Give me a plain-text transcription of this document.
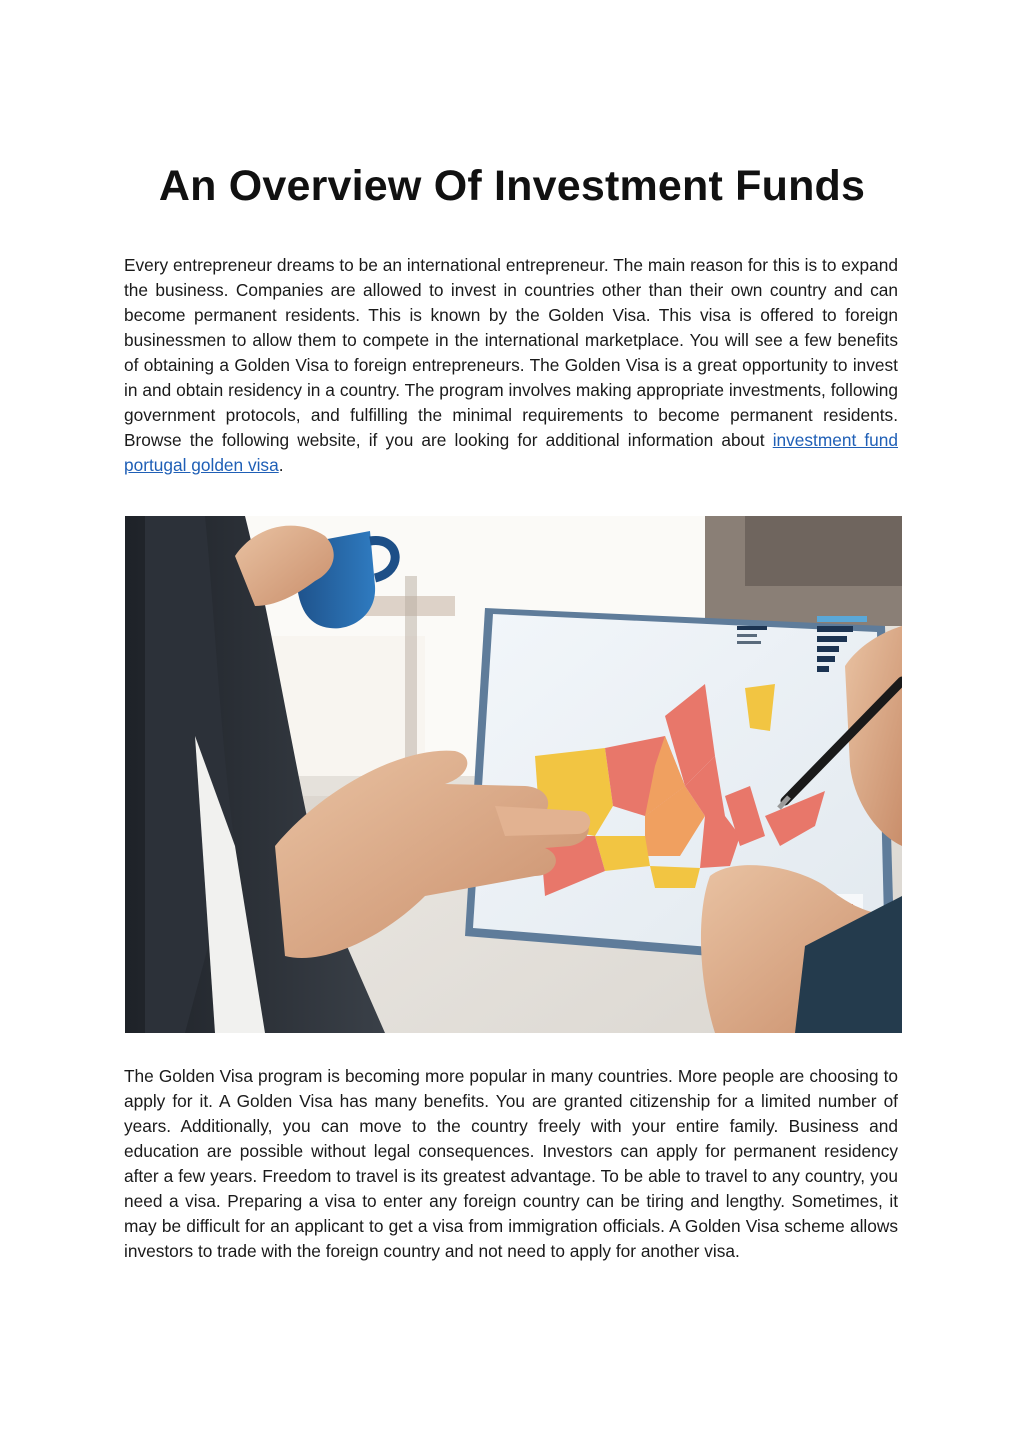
An Overview Of Investment Funds

Every entrepreneur dreams to be an international entrepreneur. The main reason for this is to expand the business. Companies are allowed to invest in countries other than their own country and can become permanent residents. This is known by the Golden Visa. This visa is offered to foreign businessmen to allow them to compete in the international marketplace. You will see a few benefits of obtaining a Golden Visa to foreign entrepreneurs. The Golden Visa is a great opportunity to invest in and obtain residency in a country. The program involves making appropriate investments, following government protocols, and fulfilling the minimal requirements to become permanent residents. Browse the following website, if you are looking for additional information about investment fund portugal golden visa.

The Golden Visa program is becoming more popular in many countries. More people are choosing to apply for it. A Golden Visa has many benefits. You are granted citizenship for a limited number of years. Additionally, you can move to the country freely with your entire family. Business and education are possible without legal consequences. Investors can apply for permanent residency after a few years. Freedom to travel is its greatest advantage. To be able to travel to any country, you need a visa. Preparing a visa to enter any foreign country can be tiring and lengthy. Sometimes, it may be difficult for an applicant to get a visa from immigration officials. A Golden Visa scheme allows investors to trade with the foreign country and not need to apply for another visa.
